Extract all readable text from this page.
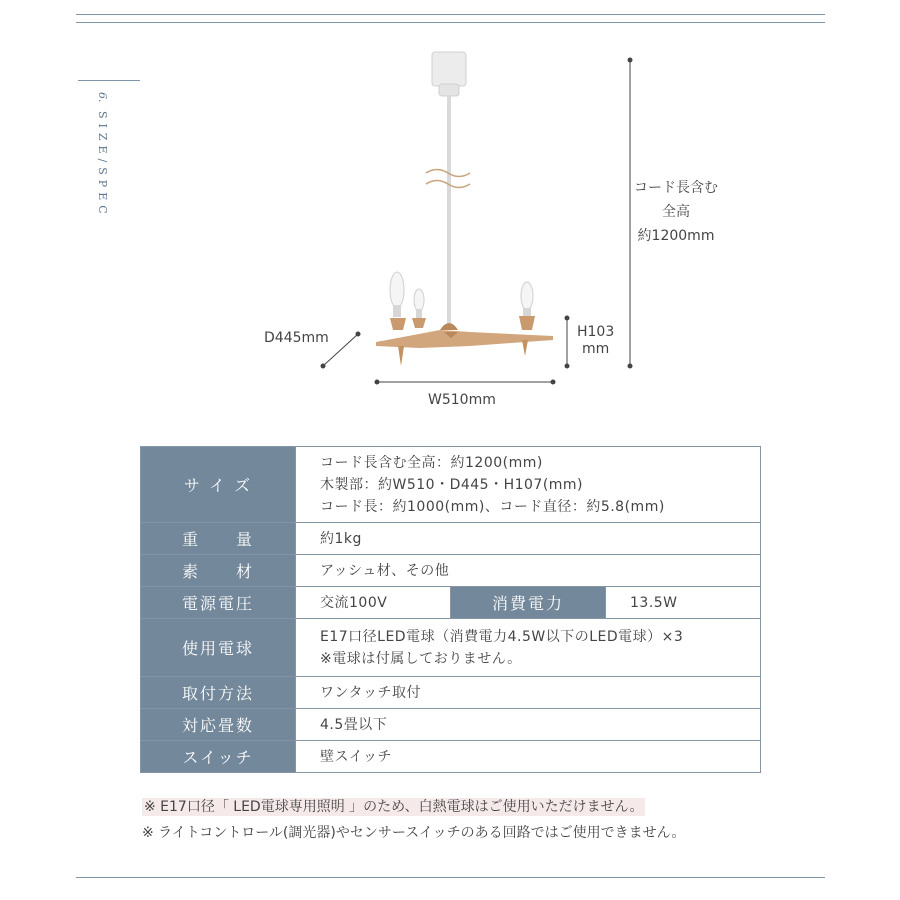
6. SIZE/SPEC	コード長含む
全高
約1200mm
D445mm	H103
mm
W510mm
サ イ ズ	コード長含む全高：約1200(mm)
木製部：約W510・D445・H107(mm)
コード長：約1000(mm)、コード直径：約5.8(mm)		

重　　量	約1kg		
素　　材	アッシュ材、その他		
電源電圧	交流100V	消費電力	13.5W
使用電球	E17口径LED電球（消費電力4.5W以下のLED電球）×3
※電球は付属しておりません。		

取付方法	ワンタッチ取付		
対応畳数	4.5畳以下		
スイッチ	壁スイッチ		
※ E17口径「 LED電球専用照明 」のため、白熱電球はご使用いただけません。
※ ライトコントロール(調光器)やセンサースイッチのある回路ではご使用できません。
